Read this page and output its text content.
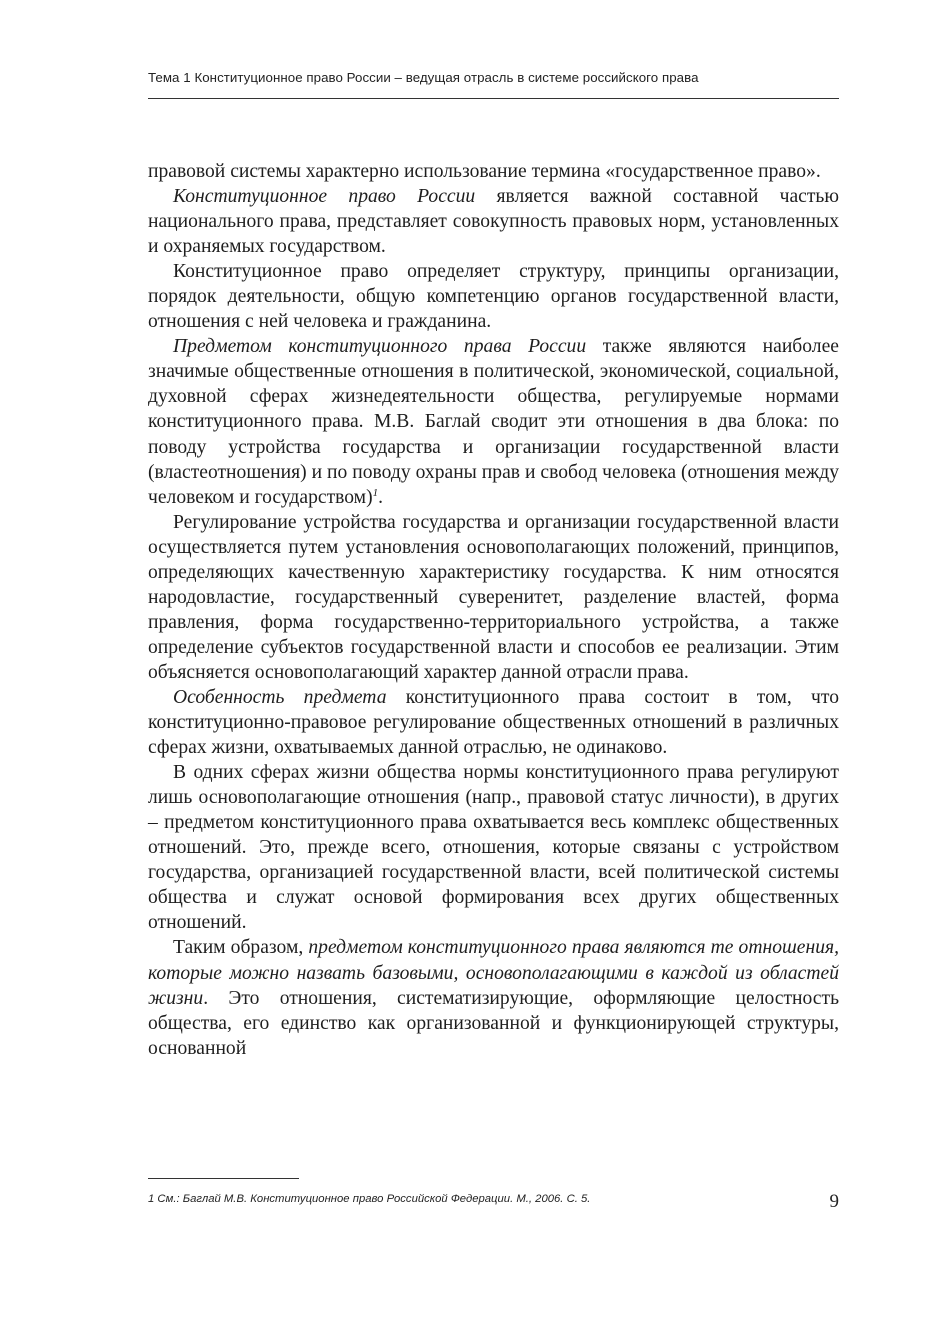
Тема 1 Конституционное право России – ведущая отрасль в системе российского права

правовой системы характерно использование термина «государственное право».

Конституционное право России является важной составной частью национального права, представляет совокупность правовых норм, установленных и охраняемых государством.

Конституционное право определяет структуру, принципы организации, порядок деятельности, общую компетенцию органов государственной власти, отношения с ней человека и гражданина.

Предметом конституционного права России также являются наиболее значимые общественные отношения в политической, экономической, социальной, духовной сферах жизнедеятельности общества, регулируемые нормами конституционного права. М.В. Баглай сводит эти отношения в два блока: по поводу устройства государства и организации государственной власти (властеотношения) и по поводу охраны прав и свобод человека (отношения между человеком и государством)$^1$.

Регулирование устройства государства и организации государственной власти осуществляется путем установления основополагающих положений, принципов, определяющих качественную характеристику государства. К ним относятся народовластие, государственный суверенитет, разделение властей, форма правления, форма государственно-территориального устройства, а также определение субъектов государственной власти и способов ее реализации. Этим объясняется основополагающий характер данной отрасли права.

Особенность предмета конституционного права состоит в том, что конституционно-правовое регулирование общественных отношений в различных сферах жизни, охватываемых данной отраслью, не одинаково.

В одних сферах жизни общества нормы конституционного права регулируют лишь основополагающие отношения (напр., правовой статус личности), в других – предметом конституционного права охватывается весь комплекс общественных отношений. Это, прежде всего, отношения, которые связаны с устройством государства, организацией государственной власти, всей политической системы общества и служат основой формирования всех других общественных отношений.

Таким образом, предметом конституционного права являются те отношения, которые можно назвать базовыми, основополагающими в каждой из областей жизни. Это отношения, систематизирующие, оформляющие целостность общества, его единство как организованной и функционирующей структуры, основанной

1 См.: Баглай М.В. Конституционное право Российской Федерации. М., 2006. С. 5.	9
